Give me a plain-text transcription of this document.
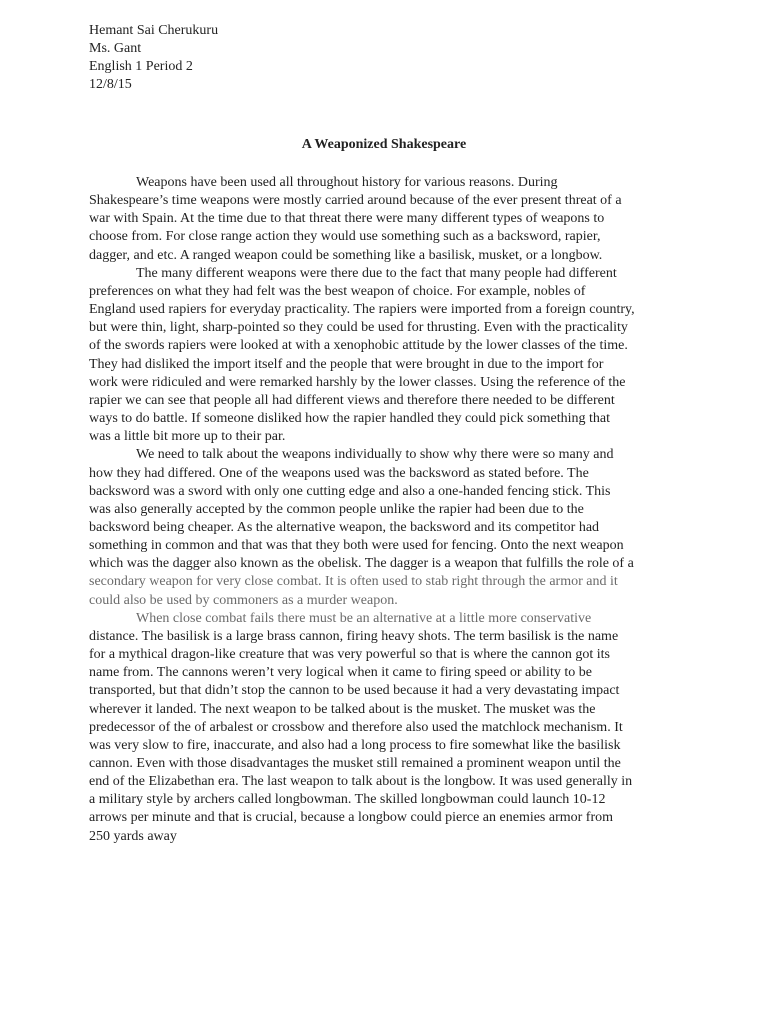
Hemant Sai Cherukuru
Ms. Gant
English 1 Period 2
12/8/15
A Weaponized Shakespeare
Weapons have been used all throughout history for various reasons. During
Shakespeare’s time weapons were mostly carried around because of the ever present threat of a
war with Spain. At the time due to that threat there were many different types of weapons to
choose from. For close range action they would use something such as a backsword, rapier,
dagger, and etc. A ranged weapon could be something like a basilisk, musket, or a longbow.
The many different weapons were there due to the fact that many people had different
preferences on what they had felt was the best weapon of choice. For example, nobles of
England used rapiers for everyday practicality. The rapiers were imported from a foreign country,
but were thin, light, sharp-pointed so they could be used for thrusting. Even with the practicality
of the swords rapiers were looked at with a xenophobic attitude by the lower classes of the time.
They had disliked the import itself and the people that were brought in due to the import for
work were ridiculed and were remarked harshly by the lower classes. Using the reference of the
rapier we can see that people all had different views and therefore there needed to be different
ways to do battle. If someone disliked how the rapier handled they could pick something that
was a little bit more up to their par.
We need to talk about the weapons individually to show why there were so many and
how they had differed. One of the weapons used was the backsword as stated before. The
backsword was a sword with only one cutting edge and also a one-handed fencing stick. This
was also generally accepted by the common people unlike the rapier had been due to the
backsword being cheaper. As the alternative weapon, the backsword and its competitor had
something in common and that was that they both were used for fencing. Onto the next weapon
which was the dagger also known as the obelisk. The dagger is a weapon that fulfills the role of a
secondary weapon for very close combat. It is often used to stab right through the armor and it
could also be used by commoners as a murder weapon.
When close combat fails there must be an alternative at a little more conservative
distance. The basilisk is a large brass cannon, firing heavy shots. The term basilisk is the name
for a mythical dragon-like creature that was very powerful so that is where the cannon got its
name from. The cannons weren’t very logical when it came to firing speed or ability to be
transported, but that didn’t stop the cannon to be used because it had a very devastating impact
wherever it landed. The next weapon to be talked about is the musket. The musket was the
predecessor of the of arbalest or crossbow and therefore also used the matchlock mechanism. It
was very slow to fire, inaccurate, and also had a long process to fire somewhat like the basilisk
cannon. Even with those disadvantages the musket still remained a prominent weapon until the
end of the Elizabethan era. The last weapon to talk about is the longbow. It was used generally in
a military style by archers called longbowman. The skilled longbowman could launch 10-12
arrows per minute and that is crucial, because a longbow could pierce an enemies armor from
250 yards away
